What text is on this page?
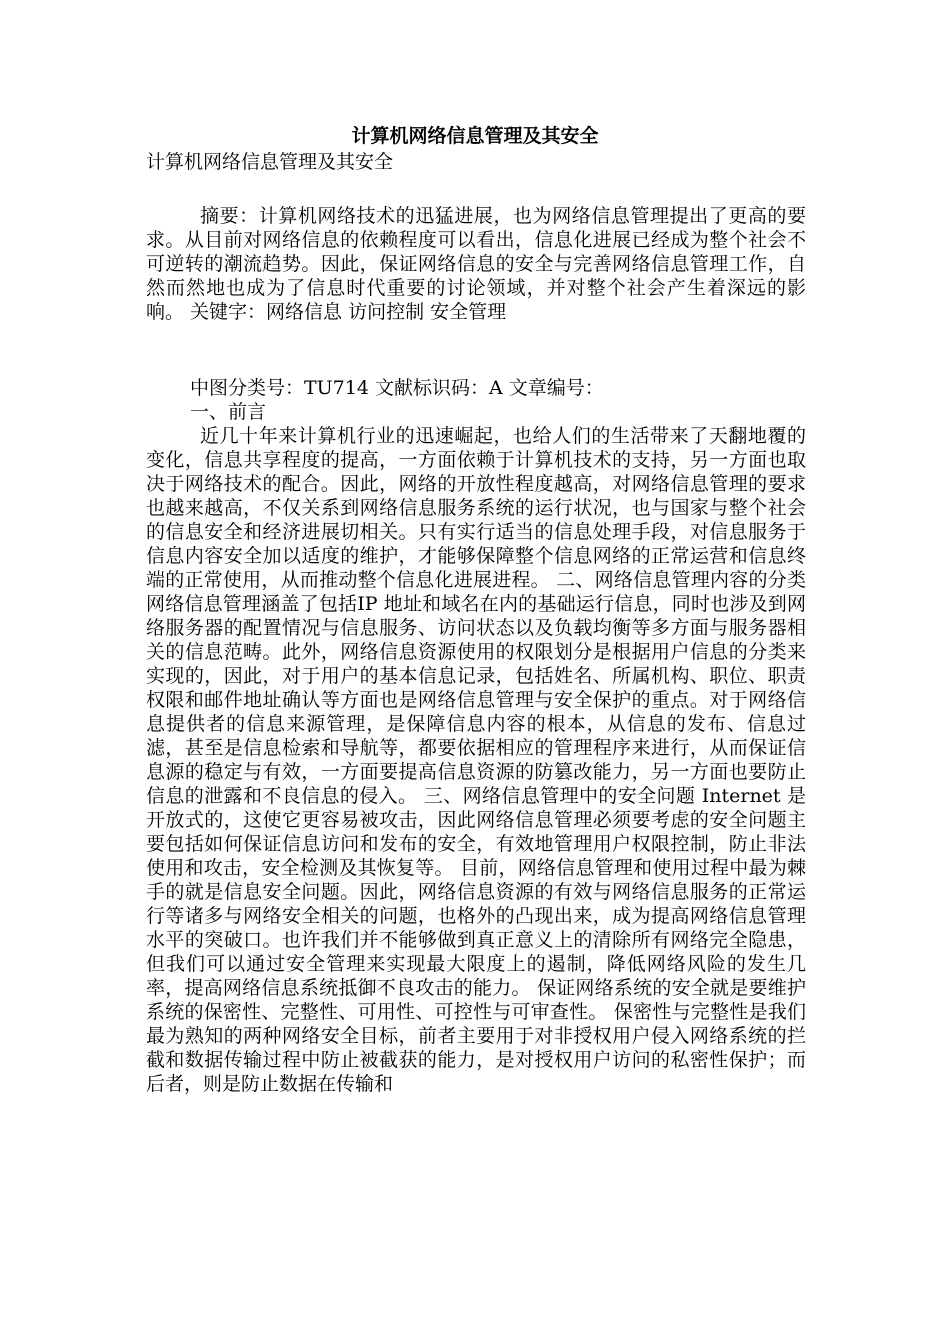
计算机网络信息管理及其安全
计算机网络信息管理及其安全

摘要：计算机网络技术的迅猛进展，也为网络信息管理提出了更高的要求。从目前对网络信息的依赖程度可以看出，信息化进展已经成为整个社会不可逆转的潮流趋势。因此，保证网络信息的安全与完善网络信息管理工作，自然而然地也成为了信息时代重要的讨论领域，并对整个社会产生着深远的影响。 关键字：网络信息 访问控制 安全管理

中图分类号：TU714 文献标识码：A 文章编号：
一、前言

近几十年来计算机行业的迅速崛起，也给人们的生活带来了天翻地覆的变化，信息共享程度的提高，一方面依赖于计算机技术的支持，另一方面也取决于网络技术的配合。因此，网络的开放性程度越高，对网络信息管理的要求也越来越高，不仅关系到网络信息服务系统的运行状况，也与国家与整个社会的信息安全和经济进展切相关。只有实行适当的信息处理手段，对信息服务于信息内容安全加以适度的维护，才能够保障整个信息网络的正常运营和信息终端的正常使用，从而推动整个信息化进展进程。 二、网络信息管理内容的分类 网络信息管理涵盖了包括IP 地址和域名在内的基础运行信息，同时也涉及到网络服务器的配置情况与信息服务、访问状态以及负载均衡等多方面与服务器相关的信息范畴。此外，网络信息资源使用的权限划分是根据用户信息的分类来实现的，因此，对于用户的基本信息记录，包括姓名、所属机构、职位、职责权限和邮件地址确认等方面也是网络信息管理与安全保护的重点。对于网络信息提供者的信息来源管理，是保障信息内容的根本，从信息的发布、信息过滤，甚至是信息检索和导航等，都要依据相应的管理程序来进行，从而保证信息源的稳定与有效，一方面要提高信息资源的防篡改能力，另一方面也要防止信息的泄露和不良信息的侵入。 三、网络信息管理中的安全问题 Internet 是开放式的，这使它更容易被攻击，因此网络信息管理必须要考虑的安全问题主要包括如何保证信息访问和发布的安全，有效地管理用户权限控制，防止非法使用和攻击，安全检测及其恢复等。 目前，网络信息管理和使用过程中最为棘手的就是信息安全问题。因此，网络信息资源的有效与网络信息服务的正常运行等诸多与网络安全相关的问题，也格外的凸现出来，成为提高网络信息管理水平的突破口。也许我们并不能够做到真正意义上的清除所有网络完全隐患，但我们可以通过安全管理来实现最大限度上的遏制，降低网络风险的发生几率，提高网络信息系统抵御不良攻击的能力。 保证网络系统的安全就是要维护系统的保密性、完整性、可用性、可控性与可审查性。 保密性与完整性是我们最为熟知的两种网络安全目标，前者主要用于对非授权用户侵入网络系统的拦截和数据传输过程中防止被截获的能力，是对授权用户访问的私密性保护；而后者，则是防止数据在传输和
